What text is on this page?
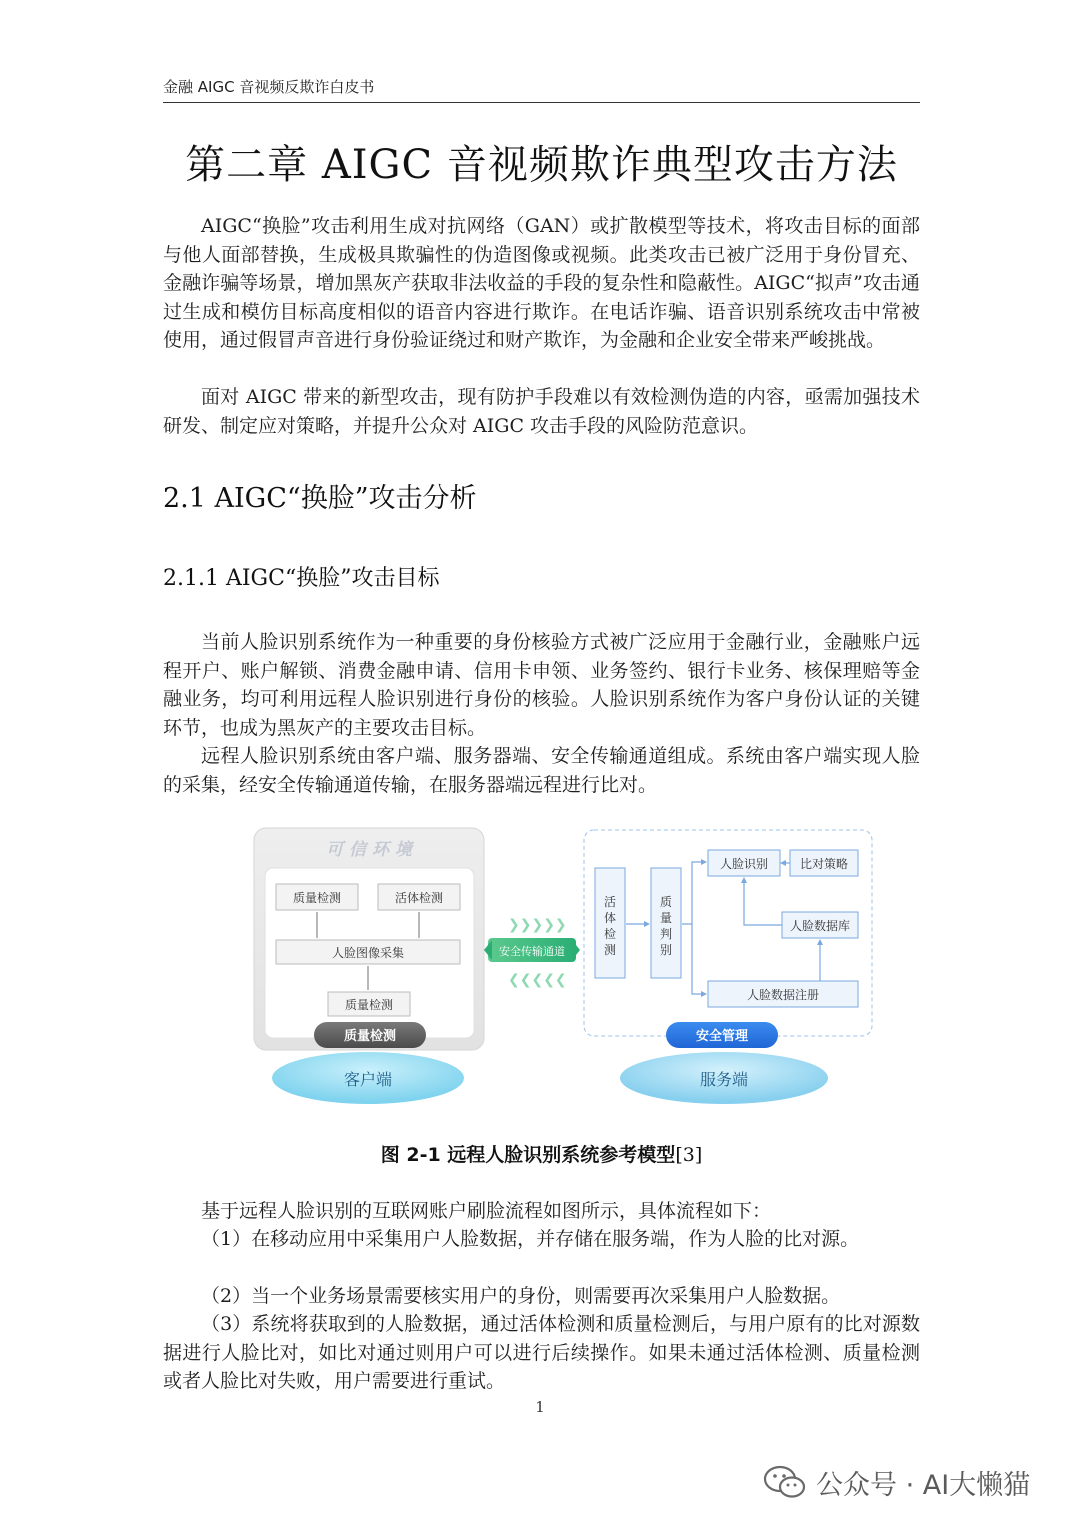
金融 AIGC 音视频反欺诈白皮书
第二章 AIGC 音视频欺诈典型攻击方法

AIGC“换脸”攻击利用生成对抗网络（GAN）或扩散模型等技术，将攻击目标的面部与他人面部替换，生成极具欺骗性的伪造图像或视频。此类攻击已被广泛用于身份冒充、金融诈骗等场景，增加黑灰产获取非法收益的手段的复杂性和隐蔽性。AIGC“拟声”攻击通过生成和模仿目标高度相似的语音内容进行欺诈。在电话诈骗、语音识别系统攻击中常被使用，通过假冒声音进行身份验证绕过和财产欺诈，为金融和企业安全带来严峻挑战。

面对 AIGC 带来的新型攻击，现有防护手段难以有效检测伪造的内容，亟需加强技术研发、制定应对策略，并提升公众对 AIGC 攻击手段的风险防范意识。

2.1 AIGC“换脸”攻击分析
2.1.1 AIGC“换脸”攻击目标

当前人脸识别系统作为一种重要的身份核验方式被广泛应用于金融行业，金融账户远程开户、账户解锁、消费金融申请、信用卡申领、业务签约、银行卡业务、核保理赔等金融业务，均可利用远程人脸识别进行身份的核验。人脸识别系统作为客户身份认证的关键环节，也成为黑灰产的主要攻击目标。

远程人脸识别系统由客户端、服务器端、安全传输通道组成。系统由客户端实现人脸的采集，经安全传输通道传输，在服务器端远程进行比对。

客户端
可 信 环 境
质量检测	活体检测
人脸图像采集
质量检测
质量检测
❯❯❯❯❯
安全传输通道
❮❮❮❮❮
服务端
活
体
检
测
质
量
判
别
人脸识别	比对策略
人脸数据库
人脸数据注册
安全管理
图 2-1 远程人脸识别系统参考模型[3]

基于远程人脸识别的互联网账户刷脸流程如图所示，具体流程如下：

（1）在移动应用中采集用户人脸数据，并存储在服务端，作为人脸的比对源。

（2）当一个业务场景需要核实用户的身份，则需要再次采集用户人脸数据。

（3）系统将获取到的人脸数据，通过活体检测和质量检测后，与用户原有的比对源数据进行人脸比对，如比对通过则用户可以进行后续操作。如果未通过活体检测、质量检测或者人脸比对失败，用户需要进行重试。

1
公众号 · AI大懒猫
